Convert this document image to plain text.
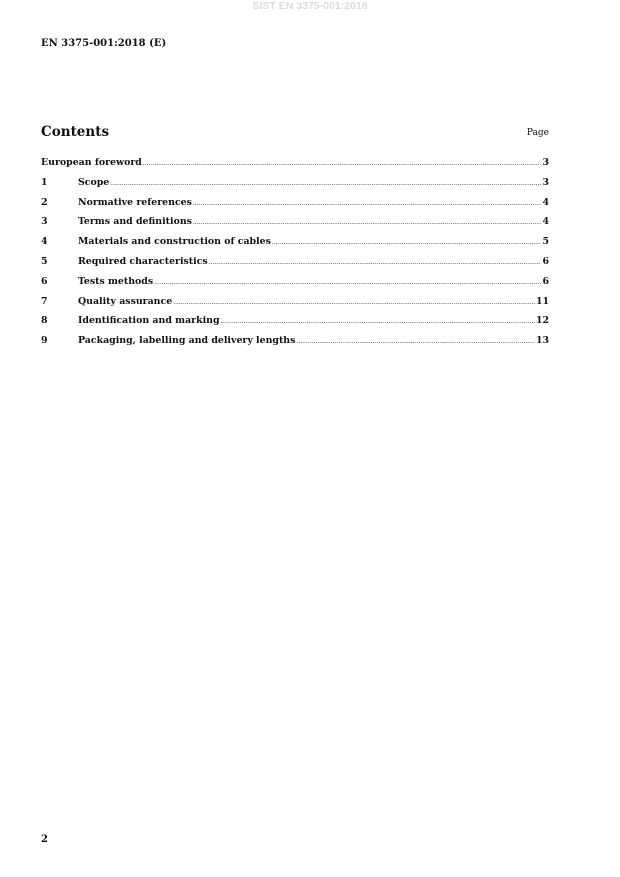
SIST EN 3375-001:2018
EN 3375-001:2018 (E)
Contents	Page
European foreword .....	3
1	Scope .....	3
2	Normative references .....	4
3	Terms and definitions .....	4
4	Materials and construction of cables .....	5
5	Required characteristics .....	6
6	Tests methods .....	6
7	Quality assurance .....	11
8	Identification and marking .....	12
9	Packaging, labelling and delivery lengths .....	13
2
